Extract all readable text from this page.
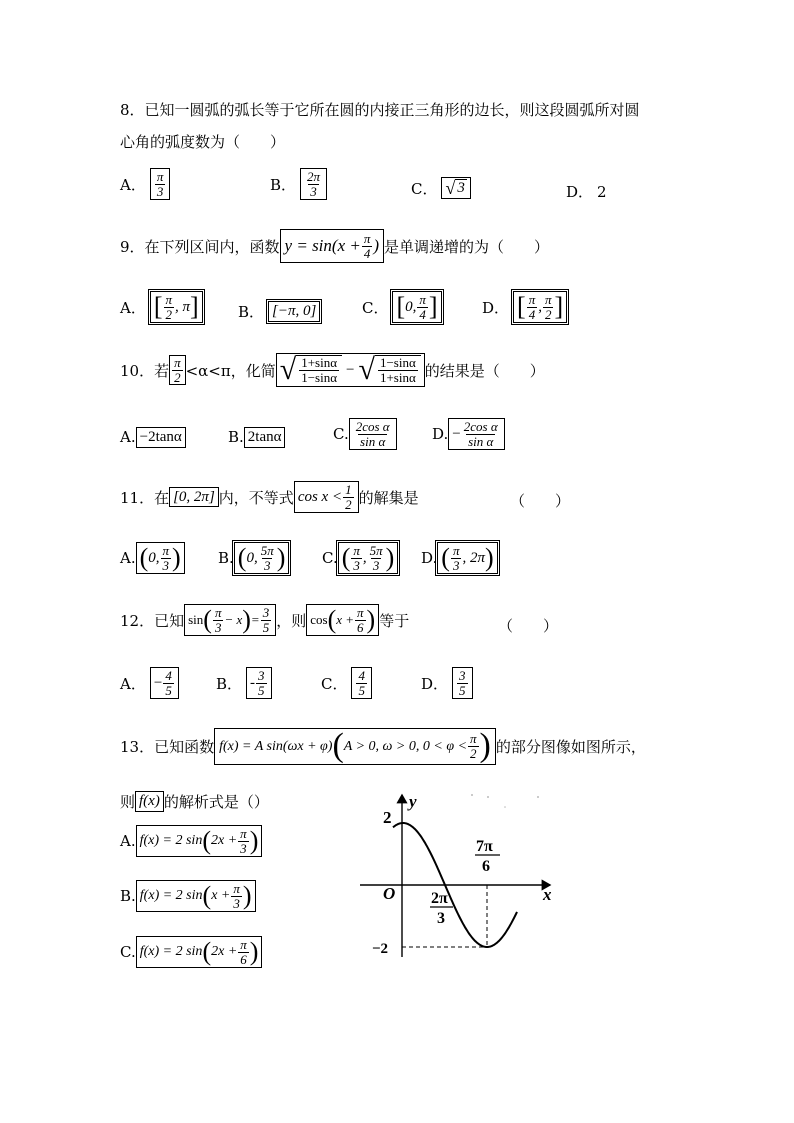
8．已知一圆弧的弧长等于它所在圆的内接正三角形的边长，则这段圆弧所对圆
心角的弧度数为（　　）
A． $\frac{\pi}{3}$	B． $\frac{2\pi}{3}$	C． √ 3	D． 2
9．在下列区间内，函数 $y = \sin(x + \frac{\pi}{4}$ ) 是单调递增的为（　　）
A． [ $\frac{\pi}{2}$ , π ]	B． [−π, 0]	C． [ 0, $\frac{\pi}{4}$ ]	D． [ $\frac{\pi}{4}$ , $\frac{\pi}{2}$ ]
10．若 $\frac{\pi}{2} <\alpha<\pi$，化简 √ $\frac{1+\sin\alpha}{1-\sin\alpha}$ − √ $\frac{1-\sin\alpha}{1+\sin\alpha}$ 的结果是（　　）
A. −2tanα	B. 2tanα	C. $\frac{\text{2cos α}}{\text{sin α}}$	D. − $\frac{\text{2cos α}}{\text{sin α}}$
11．在 [0, 2π] 内，不等式 $\cos x < \frac{1}{2}$ 的解集是	（　　）
A. ( 0, $\frac{\pi}{3}$ ) B. ( 0, $\frac{5\pi}{3}$ ) C. ( $\frac{\pi}{3}$ , $\frac{5\pi}{3}$ ) D. ( $\frac{\pi}{3}$ , 2π )
12．已知 sin ( $\frac{\pi}{3} - x$ ) = $\frac{3}{5}$ ，则 cos ( $x + \frac{\pi}{6}$ ) 等于	（　　）
A． − $\frac{4}{5}$	B． - $\frac{3}{5}$	C． $\frac{4}{5}$	D． $\frac{3}{5}$
13．已知函数 f(x) = A sin(ωx + φ) ( A > 0, ω > 0, $0 < \varphi < \frac{\pi}{2}$ ) 的部分图像如图所示，
则 f(x) 的解析式是（）
A. f(x) = 2 sin ( $2x + \frac{\pi}{3}$ )
B. f(x) = 2 sin ( $x + \frac{\pi}{3}$ )
C. f(x) = 2 sin ( $2x + \frac{\pi}{6}$ )
y
x
O
2
−2
2π
3
7π
6
